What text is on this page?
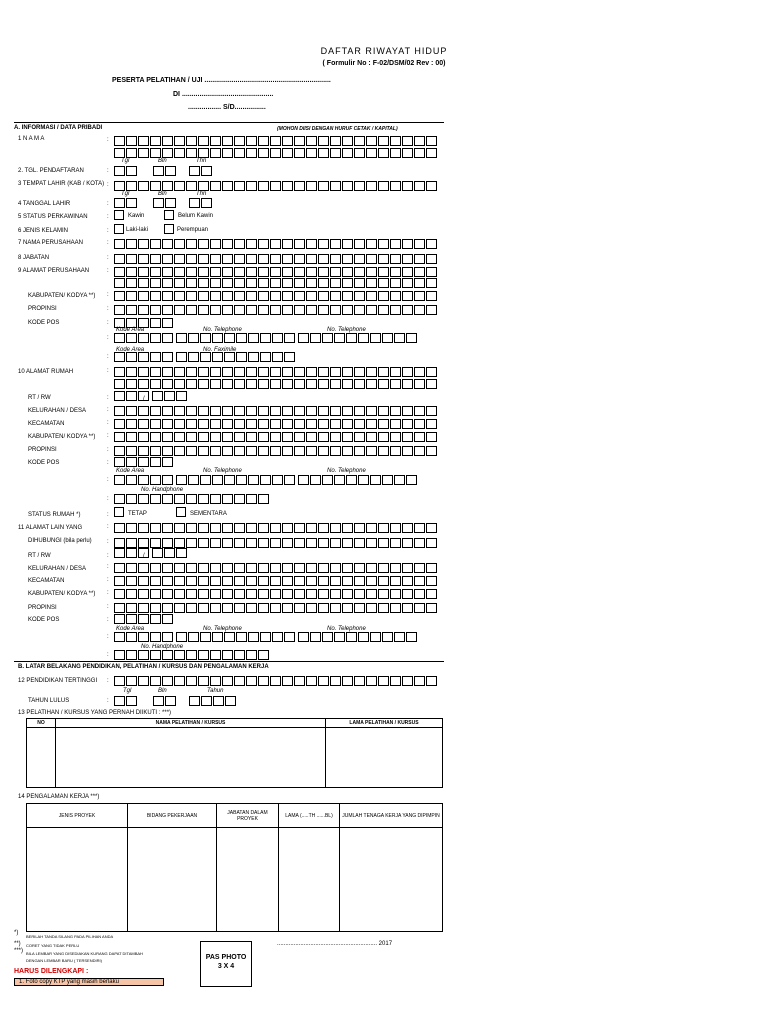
DAFTAR RIWAYAT HIDUP
( Formulir No : F-02/DSM/02 Rev : 00)
PESERTA PELATIHAN / UJI .................................................................
DI ...............................................
................. S/D................
A. INFORMASI / DATA PRIBADI	(MOHON DIISI DENGAN HURUF CETAK / KAPITAL)
1 N A M A	:
Tgl	Bln	Thn
2. TGL. PENDAFTARAN	:
3 TEMPAT LAHIR (KAB / KOTA) :
Tgl	Bln	Thn
4 TANGGAL LAHIR	:
5 STATUS PERKAWINAN	:	Kawin	Belum Kawin
6 JENIS KELAMIN	:	Laki-laki	Perempuan
7 NAMA PERUSAHAAN	:
8 JABATAN	:
9 ALAMAT PERUSAHAAN	:
KABUPATEN/ KODYA **) :
PROPINSI	:
KODE POS	:
Kode Area	No. Telephone	No. Telephone
:
Kode Area	No. Faximile
:
10 ALAMAT RUMAH	:
RT / RW	:	/
KELURAHAN / DESA	:
KECAMATAN	:
KABUPATEN/ KODYA **) :
PROPINSI	:
KODE POS	:
Kode Area	No. Telephone	No. Telephone
:
No. Handphone
:
STATUS RUMAH *)	:	TETAP	SEMENTARA
11 ALAMAT LAIN YANG	:
DIHUBUNGI (bila perlu)	:
RT / RW	:	/
KELURAHAN / DESA	:
KECAMATAN	:
KABUPATEN/ KODYA **) :
PROPINSI	:
KODE POS	:
Kode Area	No. Telephone	No. Telephone
:
No. Handphone
:
:
Tgl	Bln	Tahun
:
B. LATAR BELAKANG PENDIDIKAN, PELATIHAN / KURSUS DAN PENGALAMAN KERJA
12 PENDIDIKAN TERTINGGI
TAHUN LULUS
13 PELATIHAN / KURSUS YANG PERNAH DIIKUTI : ***)
NO	NAMA PELATIHAN / KURSUS	LAMA PELATIHAN / KURSUS

14 PENGALAMAN KERJA ***)
JENIS PROYEK	BIDANG PEKERJAAN	JABATAN DALAM PROYEK	LAMA (.....TH ......BL)	JUMLAH TENAGA KERJA YANG DIPIMPIN

*)
BERILAH TANDA SILANG PADA PILIHAN ANDA
**) CORET YANG TIDAK PERLU
***) BILA LEMBAR YANG DISEDIAKAN KURANG DAPAT DITAMBAH
DENGAN LEMBAR BARU ( TERSENDIRI)
............................................................ 2017
PAS PHOTO
3 X 4
HARUS DILENGKAPI :
1. Foto copy KTP yang masih berlaku
